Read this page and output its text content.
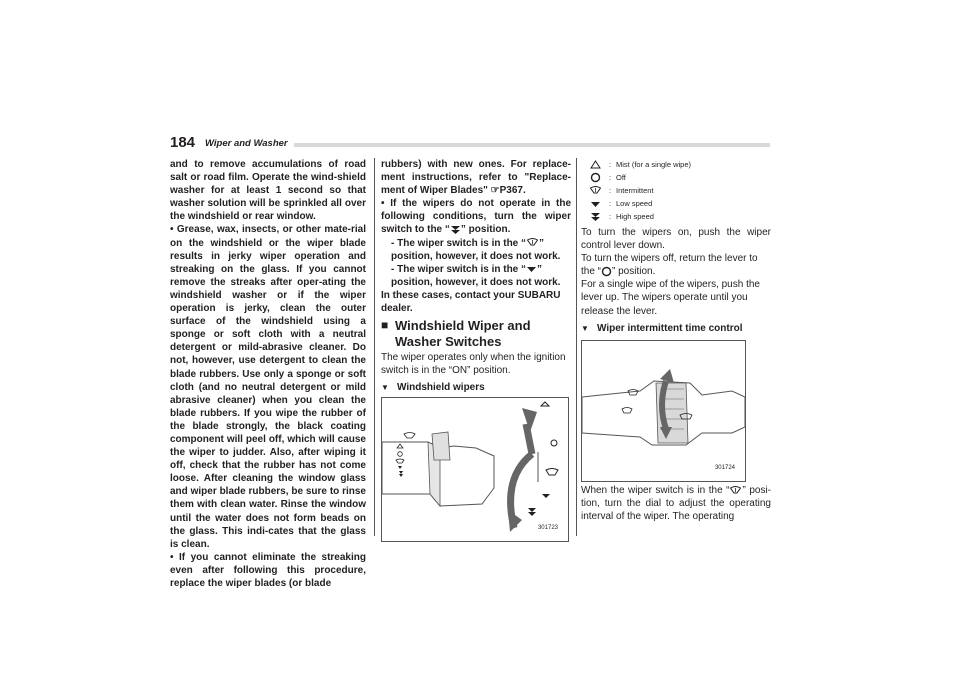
184 Wiper and Washer

and to remove accumulations of road salt or road film. Operate the wind-shield washer for at least 1 second so that washer solution will be sprinkled all over the windshield or rear window.

• Grease, wax, insects, or other mate-rial on the windshield or the wiper blade results in jerky wiper operation and streaking on the glass. If you cannot remove the streaks after oper-ating the windshield washer or if the wiper operation is jerky, clean the outer surface of the windshield using a sponge or soft cloth with a neutral detergent or mild-abrasive cleaner. Do not, however, use detergent to clean the blade rubbers. Use only a sponge or soft cloth (and no neutral detergent or mild abrasive cleaner) when you clean the blade rubbers. If you wipe the rubber of the blade strongly, the black coating component will peel off, which will cause the wiper to judder. Also, after wiping it off, check that the rubber has not come loose. After cleaning the window glass and wiper blade rubbers, be sure to rinse them with clean water. Rinse the window until the water does not form beads on the glass. This indi-cates that the glass is clean.

• If you cannot eliminate the streaking even after following this procedure, replace the wiper blades (or blade

rubbers) with new ones. For replace-ment instructions, refer to "Replace-ment of Wiper Blades" ☞P367.

• If the wipers do not operate in the following conditions, turn the wiper switch to the “ ” position.

- The wiper switch is in the “ ” position, however, it does not work.

- The wiper switch is in the “ ” position, however, it does not work.

In these cases, contact your SUBARU dealer.

■ Windshield Wiper and Washer Switches

The wiper operates only when the ignition switch is in the “ON” position.

▼ Windshield wipers
301723
: Mist (for a single wipe)
: Off
: Intermittent
: Low speed
: High speed

To turn the wipers on, push the wiper control lever down.

To turn the wipers off, return the lever to the “ ” position.

For a single wipe of the wipers, push the lever up. The wipers operate until you release the lever.

▼ Wiper intermittent time control
301724

When the wiper switch is in the “ ” posi-tion, turn the dial to adjust the operating interval of the wiper. The operating
